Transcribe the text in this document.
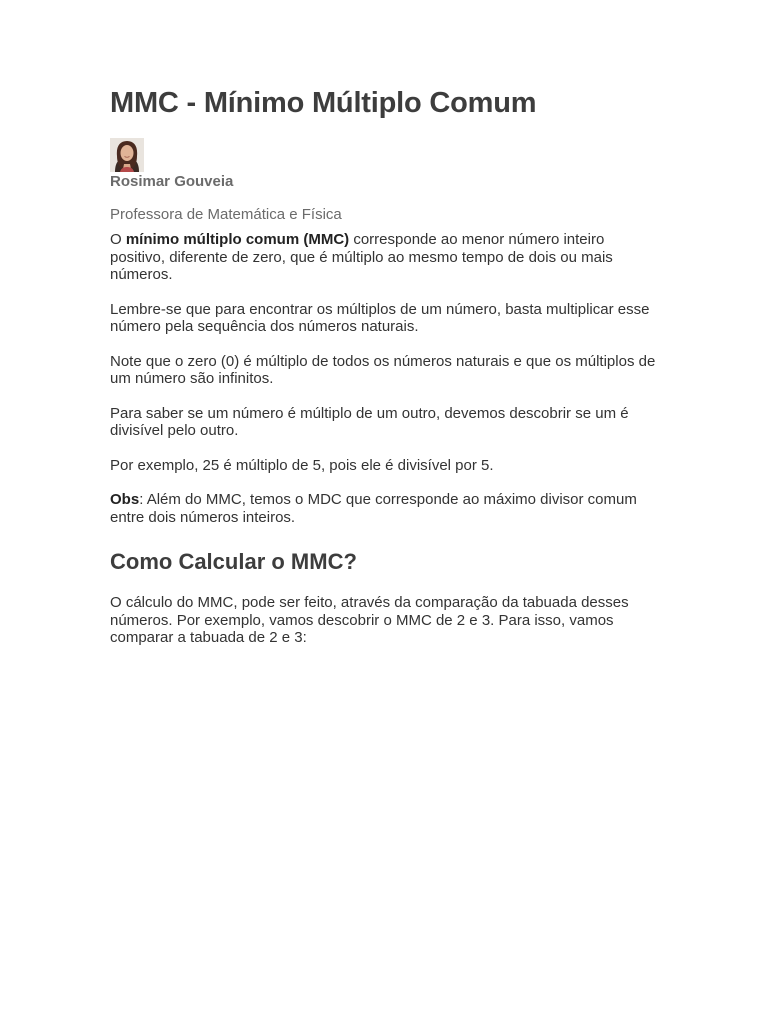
MMC - Mínimo Múltiplo Comum
Rosimar Gouveia
Professora de Matemática e Física

O mínimo múltiplo comum (MMC) corresponde ao menor número inteiro positivo, diferente de zero, que é múltiplo ao mesmo tempo de dois ou mais números.

Lembre-se que para encontrar os múltiplos de um número, basta multiplicar esse número pela sequência dos números naturais.

Note que o zero (0) é múltiplo de todos os números naturais e que os múltiplos de um número são infinitos.

Para saber se um número é múltiplo de um outro, devemos descobrir se um é divisível pelo outro.

Por exemplo, 25 é múltiplo de 5, pois ele é divisível por 5.

Obs: Além do MMC, temos o MDC que corresponde ao máximo divisor comum entre dois números inteiros.

Como Calcular o MMC?

O cálculo do MMC, pode ser feito, através da comparação da tabuada desses números. Por exemplo, vamos descobrir o MMC de 2 e 3. Para isso, vamos comparar a tabuada de 2 e 3:
